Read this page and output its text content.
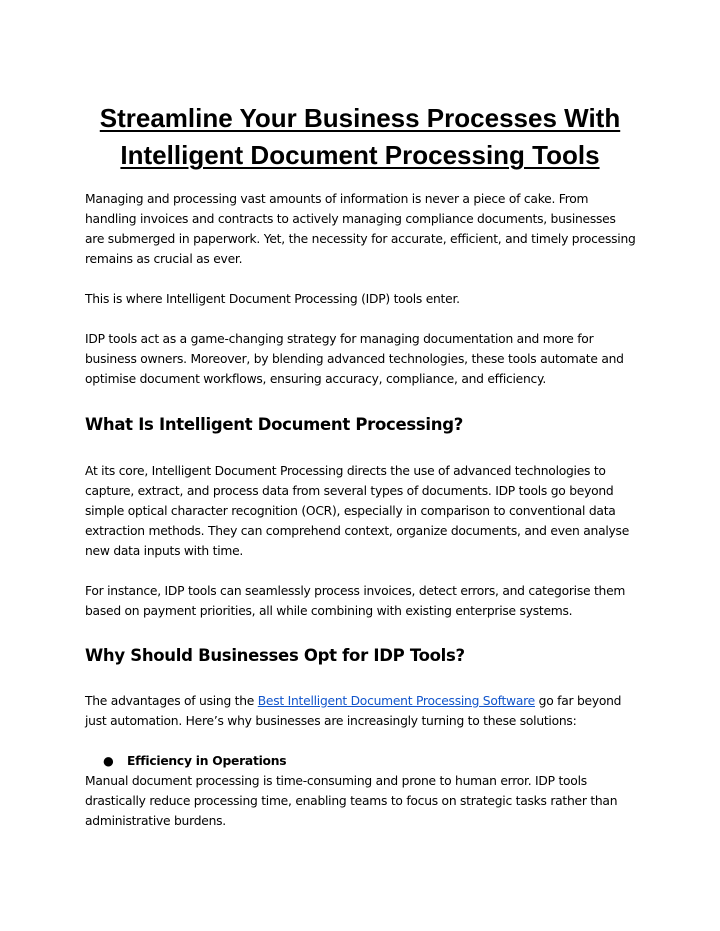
Streamline Your Business Processes With Intelligent Document Processing Tools

Managing and processing vast amounts of information is never a piece of cake. From handling invoices and contracts to actively managing compliance documents, businesses are submerged in paperwork. Yet, the necessity for accurate, efficient, and timely processing remains as crucial as ever.

This is where Intelligent Document Processing (IDP) tools enter.

IDP tools act as a game-changing strategy for managing documentation and more for business owners. Moreover, by blending advanced technologies, these tools automate and optimise document workflows, ensuring accuracy, compliance, and efficiency.

What Is Intelligent Document Processing?

At its core, Intelligent Document Processing directs the use of advanced technologies to capture, extract, and process data from several types of documents. IDP tools go beyond simple optical character recognition (OCR), especially in comparison to conventional data extraction methods. They can comprehend context, organize documents, and even analyse new data inputs with time.

For instance, IDP tools can seamlessly process invoices, detect errors, and categorise them based on payment priorities, all while combining with existing enterprise systems.

Why Should Businesses Opt for IDP Tools?

The advantages of using the Best Intelligent Document Processing Software go far beyond just automation. Here’s why businesses are increasingly turning to these solutions:

● Efficiency in Operations

Manual document processing is time-consuming and prone to human error. IDP tools drastically reduce processing time, enabling teams to focus on strategic tasks rather than administrative burdens.
